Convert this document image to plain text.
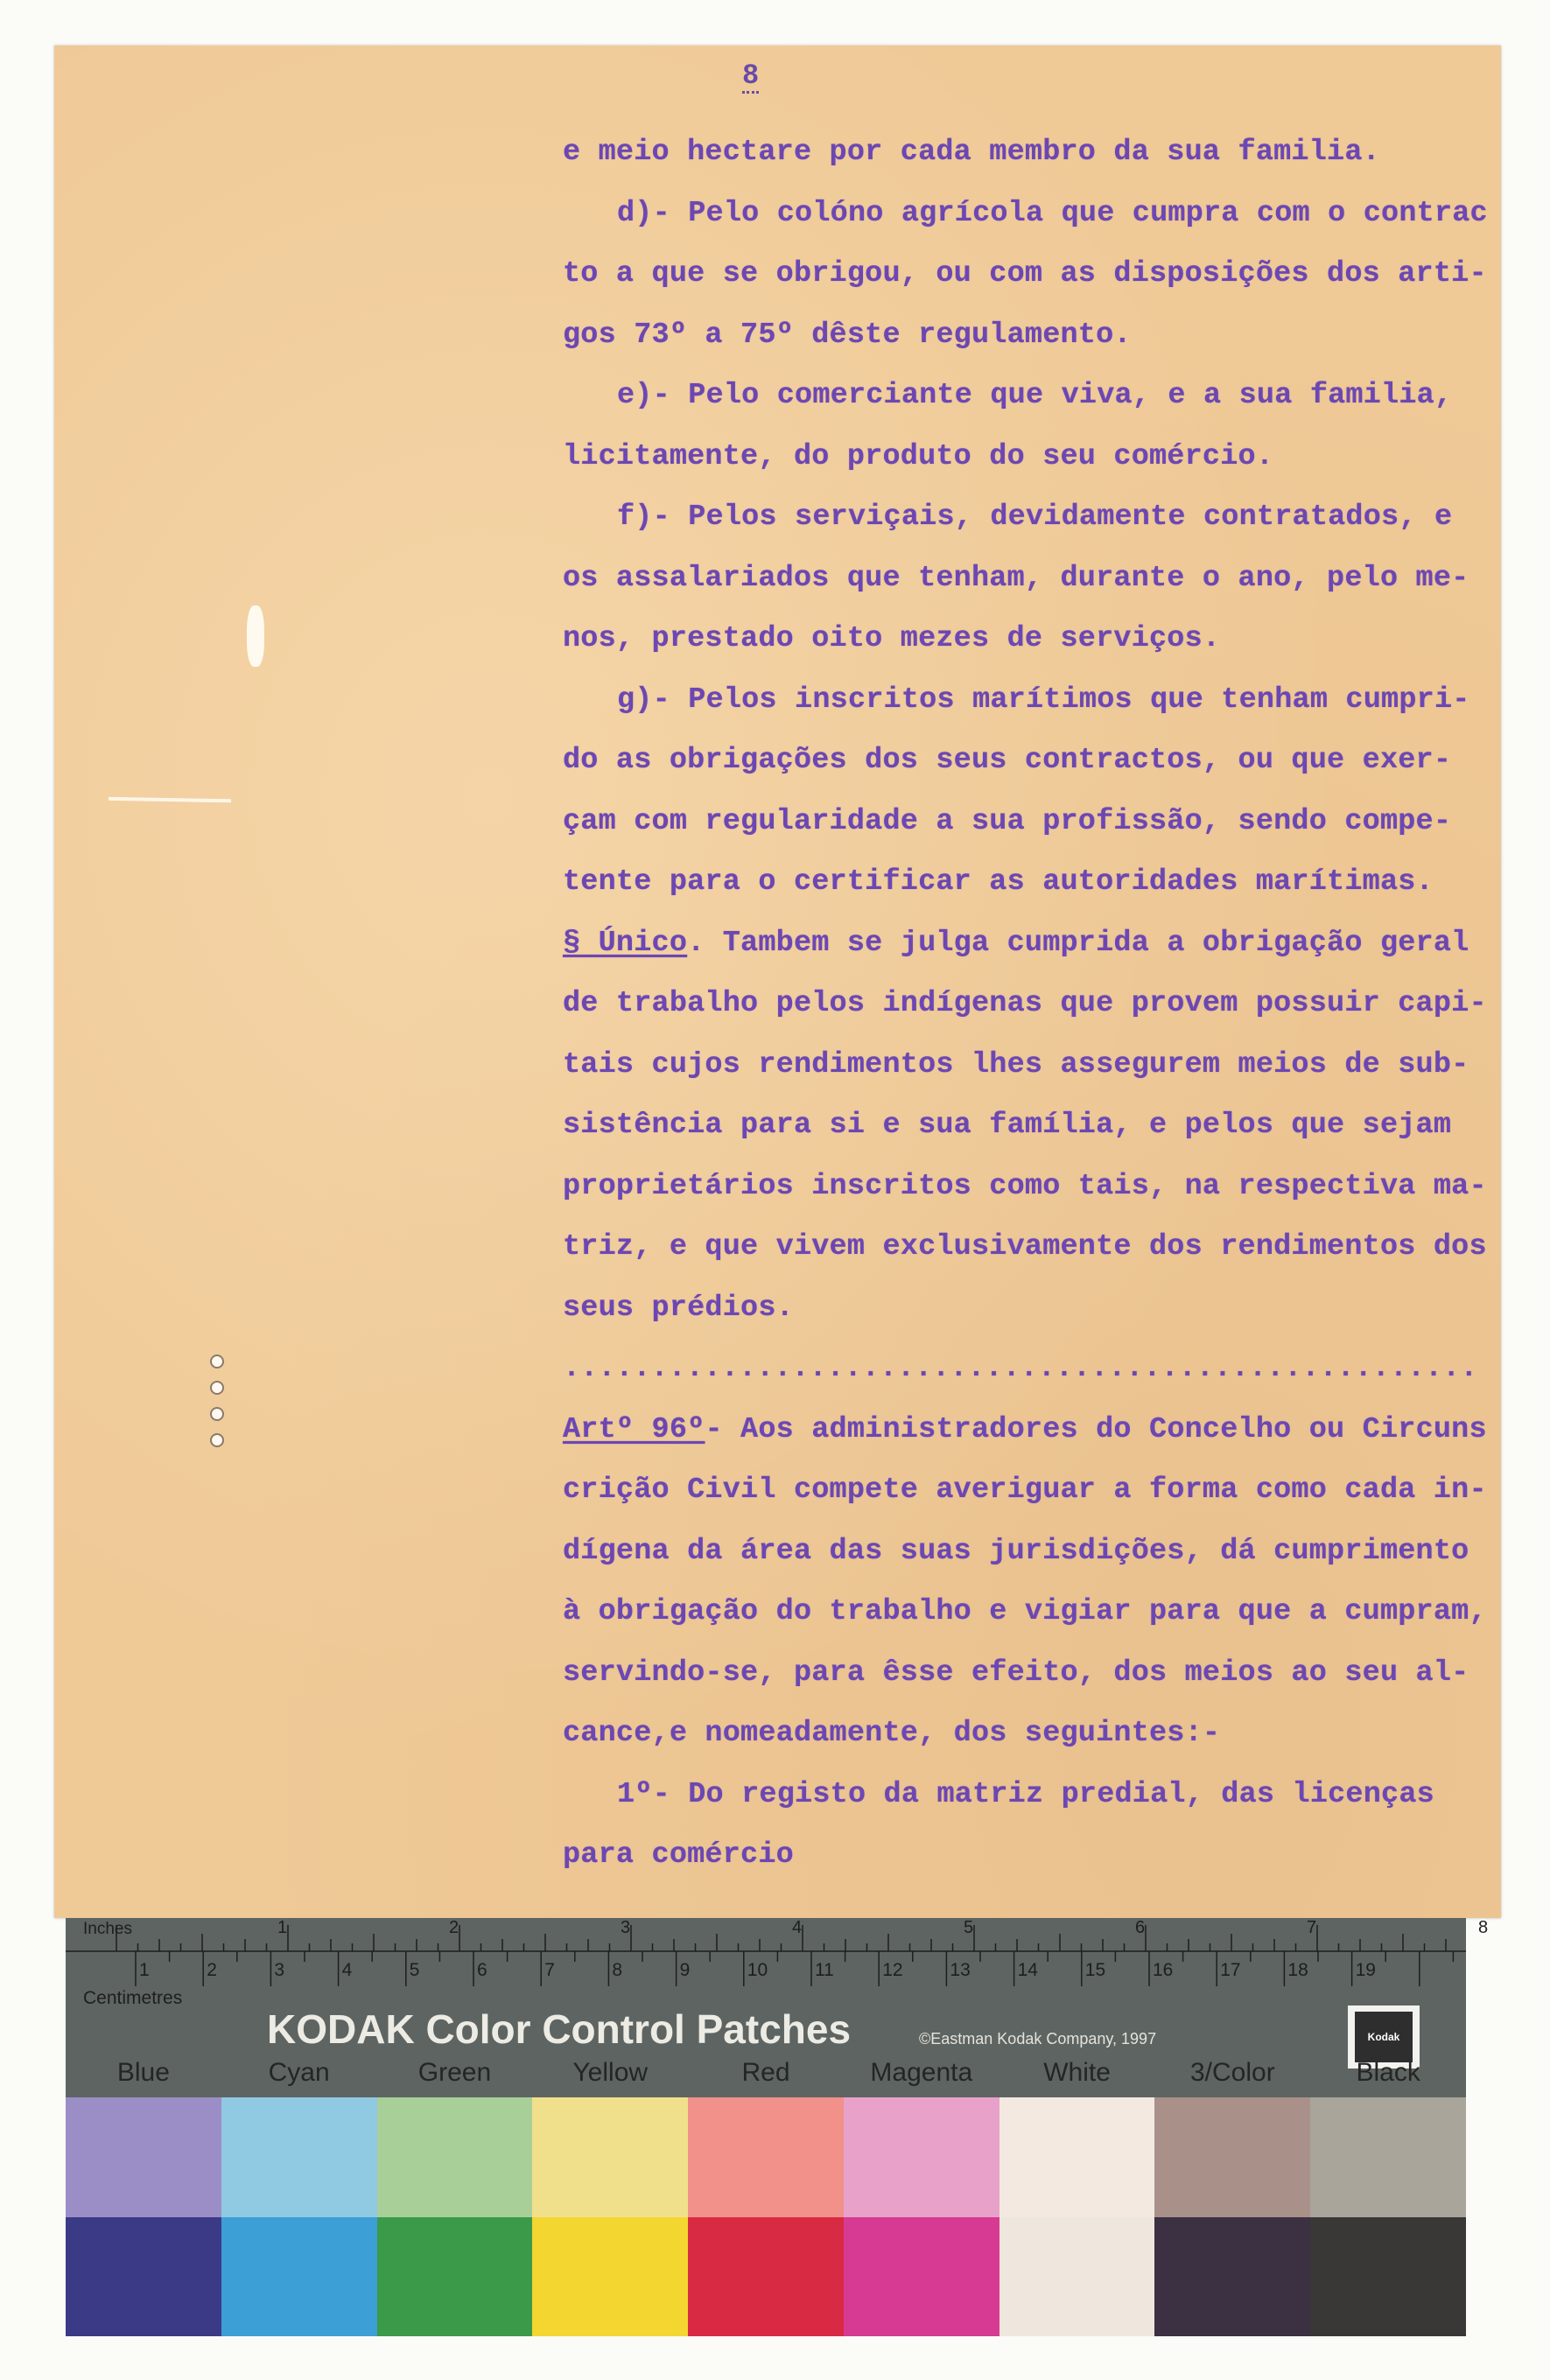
8
e meio hectare por cada membro da sua familia.
d)- Pelo colóno agrícola que cumpra com o contrac
to a que se obrigou, ou com as disposições dos arti-
gos 73º a 75º dêste regulamento.
e)- Pelo comerciante que viva, e a sua familia,
licitamente, do produto do seu comércio.
f)- Pelos serviçais, devidamente contratados, e
os assalariados que tenham, durante o ano, pelo me-
nos, prestado oito mezes de serviços.
g)- Pelos inscritos marítimos que tenham cumpri-
do as obrigações dos seus contractos, ou que exer-
çam com regularidade a sua profissão, sendo compe-
tente para o certificar as autoridades marítimas.
§ Único. Tambem se julga cumprida a obrigação geral
de trabalho pelos indígenas que provem possuir capi-
tais cujos rendimentos lhes assegurem meios de sub-
sistência para si e sua família, e pelos que sejam
proprietários inscritos como tais, na respectiva ma-
triz, e que vivem exclusivamente dos rendimentos dos
seus prédios.
....................................................
Artº 96º- Aos administradores do Concelho ou Circuns
crição Civil compete averiguar a forma como cada in-
dígena da área das suas jurisdições, dá cumprimento
à obrigação do trabalho e vigiar para que a cumpram,
servindo-se, para êsse efeito, dos meios ao seu al-
cance,e nomeadamente, dos seguintes:-
1º- Do registo da matriz predial, das licenças
para comércio
Inches
Centimetres
KODAK Color Control Patches	©Eastman Kodak Company, 1997	Kodak
Blue	Cyan	Green	Yellow	Red	Magenta	White	3/Color	Black
1	2	3	4	5	6	7	8
1	2	3	4	5	6	7	8	9	10	11	12	13	14	15	16	17	18	19
